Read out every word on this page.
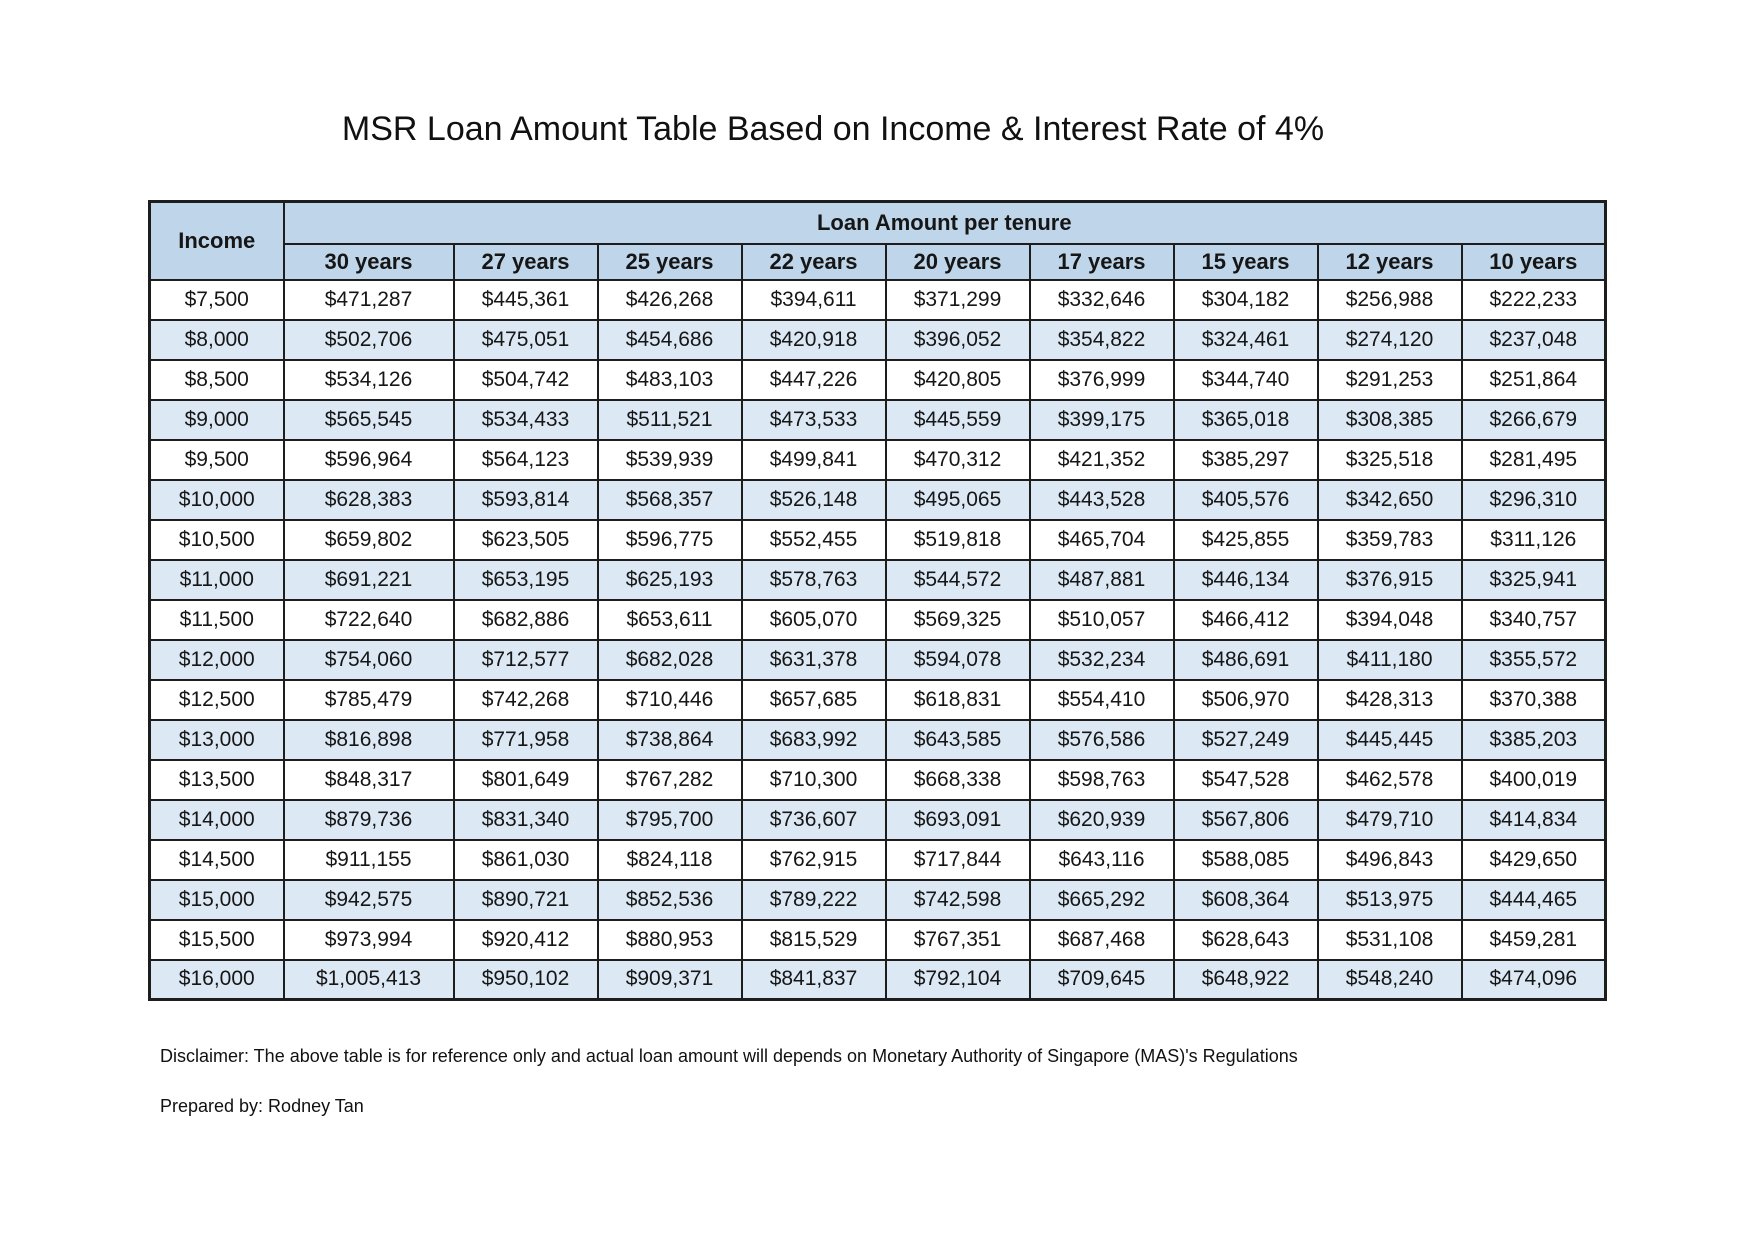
MSR Loan Amount Table Based on Income & Interest Rate of 4%
Income	Loan Amount per tenure								
	30 years	27 years	25 years	22 years	20 years	17 years	15 years	12 years	10 years
$7,500	$471,287	$445,361	$426,268	$394,611	$371,299	$332,646	$304,182	$256,988	$222,233
$8,000	$502,706	$475,051	$454,686	$420,918	$396,052	$354,822	$324,461	$274,120	$237,048
$8,500	$534,126	$504,742	$483,103	$447,226	$420,805	$376,999	$344,740	$291,253	$251,864
$9,000	$565,545	$534,433	$511,521	$473,533	$445,559	$399,175	$365,018	$308,385	$266,679
$9,500	$596,964	$564,123	$539,939	$499,841	$470,312	$421,352	$385,297	$325,518	$281,495
$10,000	$628,383	$593,814	$568,357	$526,148	$495,065	$443,528	$405,576	$342,650	$296,310
$10,500	$659,802	$623,505	$596,775	$552,455	$519,818	$465,704	$425,855	$359,783	$311,126
$11,000	$691,221	$653,195	$625,193	$578,763	$544,572	$487,881	$446,134	$376,915	$325,941
$11,500	$722,640	$682,886	$653,611	$605,070	$569,325	$510,057	$466,412	$394,048	$340,757
$12,000	$754,060	$712,577	$682,028	$631,378	$594,078	$532,234	$486,691	$411,180	$355,572
$12,500	$785,479	$742,268	$710,446	$657,685	$618,831	$554,410	$506,970	$428,313	$370,388
$13,000	$816,898	$771,958	$738,864	$683,992	$643,585	$576,586	$527,249	$445,445	$385,203
$13,500	$848,317	$801,649	$767,282	$710,300	$668,338	$598,763	$547,528	$462,578	$400,019
$14,000	$879,736	$831,340	$795,700	$736,607	$693,091	$620,939	$567,806	$479,710	$414,834
$14,500	$911,155	$861,030	$824,118	$762,915	$717,844	$643,116	$588,085	$496,843	$429,650
$15,000	$942,575	$890,721	$852,536	$789,222	$742,598	$665,292	$608,364	$513,975	$444,465
$15,500	$973,994	$920,412	$880,953	$815,529	$767,351	$687,468	$628,643	$531,108	$459,281
$16,000	$1,005,413	$950,102	$909,371	$841,837	$792,104	$709,645	$648,922	$548,240	$474,096

Disclaimer: The above table is for reference only and actual loan amount will depends on Monetary Authority of Singapore (MAS)'s Regulations

Prepared by: Rodney Tan
